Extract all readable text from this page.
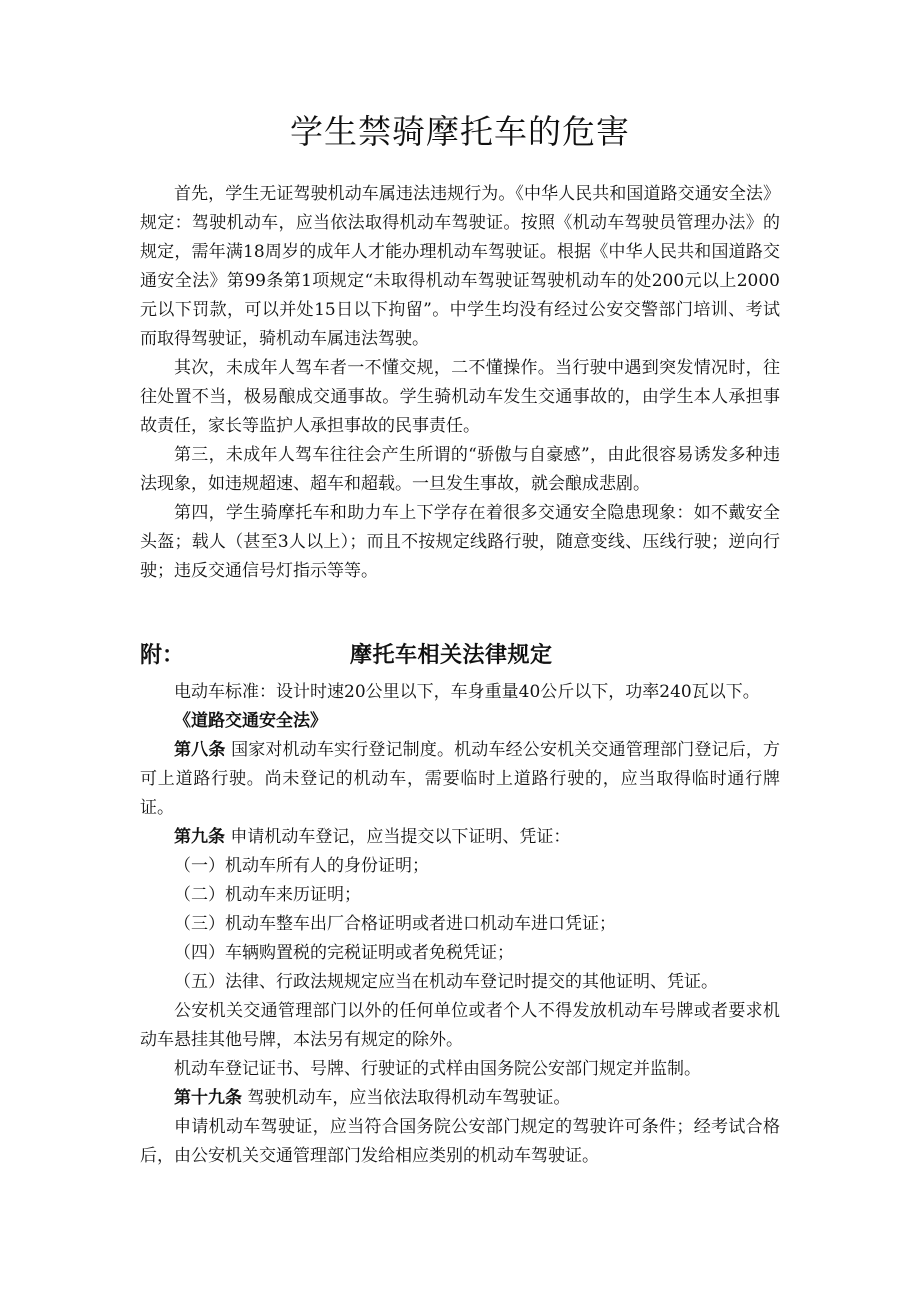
学生禁骑摩托车的危害

首先，学生无证驾驶机动车属违法违规行为。《中华人民共和国道路交通安全法》规定：驾驶机动车，应当依法取得机动车驾驶证。按照《机动车驾驶员管理办法》的规定，需年满18周岁的成年人才能办理机动车驾驶证。根据《中华人民共和国道路交通安全法》第99条第1项规定“未取得机动车驾驶证驾驶机动车的处200元以上2000元以下罚款，可以并处15日以下拘留”。中学生均没有经过公安交警部门培训、考试而取得驾驶证，骑机动车属违法驾驶。

其次，未成年人驾车者一不懂交规，二不懂操作。当行驶中遇到突发情况时，往往处置不当，极易酿成交通事故。学生骑机动车发生交通事故的，由学生本人承担事故责任，家长等监护人承担事故的民事责任。

第三，未成年人驾车往往会产生所谓的“骄傲与自豪感”，由此很容易诱发多种违法现象，如违规超速、超车和超载。一旦发生事故，就会酿成悲剧。

第四，学生骑摩托车和助力车上下学存在着很多交通安全隐患现象：如不戴安全头盔；载人（甚至3人以上）；而且不按规定线路行驶，随意变线、压线行驶；逆向行驶；违反交通信号灯指示等等。

附：	摩托车相关法律规定

电动车标准：设计时速20公里以下，车身重量40公斤以下，功率240瓦以下。

《道路交通安全法》

第八条 国家对机动车实行登记制度。机动车经公安机关交通管理部门登记后，方可上道路行驶。尚未登记的机动车，需要临时上道路行驶的，应当取得临时通行牌证。

第九条 申请机动车登记，应当提交以下证明、凭证：

（一）机动车所有人的身份证明；

（二）机动车来历证明；

（三）机动车整车出厂合格证明或者进口机动车进口凭证；

（四）车辆购置税的完税证明或者免税凭证；

（五）法律、行政法规规定应当在机动车登记时提交的其他证明、凭证。

公安机关交通管理部门以外的任何单位或者个人不得发放机动车号牌或者要求机动车悬挂其他号牌，本法另有规定的除外。

机动车登记证书、号牌、行驶证的式样由国务院公安部门规定并监制。

第十九条 驾驶机动车，应当依法取得机动车驾驶证。

申请机动车驾驶证，应当符合国务院公安部门规定的驾驶许可条件；经考试合格后，由公安机关交通管理部门发给相应类别的机动车驾驶证。
